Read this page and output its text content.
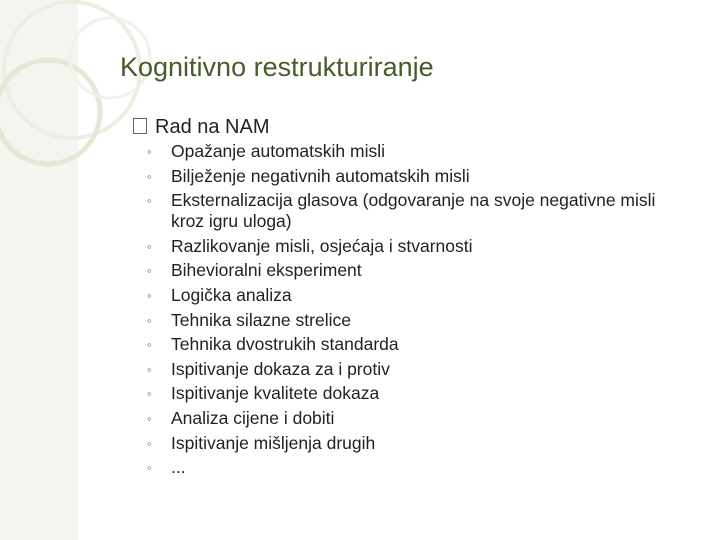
Kognitivno restrukturiranje
Rad na NAM
◦ Opažanje automatskih misli
◦ Bilježenje negativnih automatskih misli
◦ Eksternalizacija glasova (odgovaranje na svoje negativne misli kroz igru uloga)
◦ Razlikovanje misli, osjećaja i stvarnosti
◦ Bihevioralni eksperiment
◦ Logička analiza
◦ Tehnika silazne strelice
◦ Tehnika dvostrukih standarda
◦ Ispitivanje dokaza za i protiv
◦ Ispitivanje kvalitete dokaza
◦ Analiza cijene i dobiti
◦ Ispitivanje mišljenja drugih
◦ ...
